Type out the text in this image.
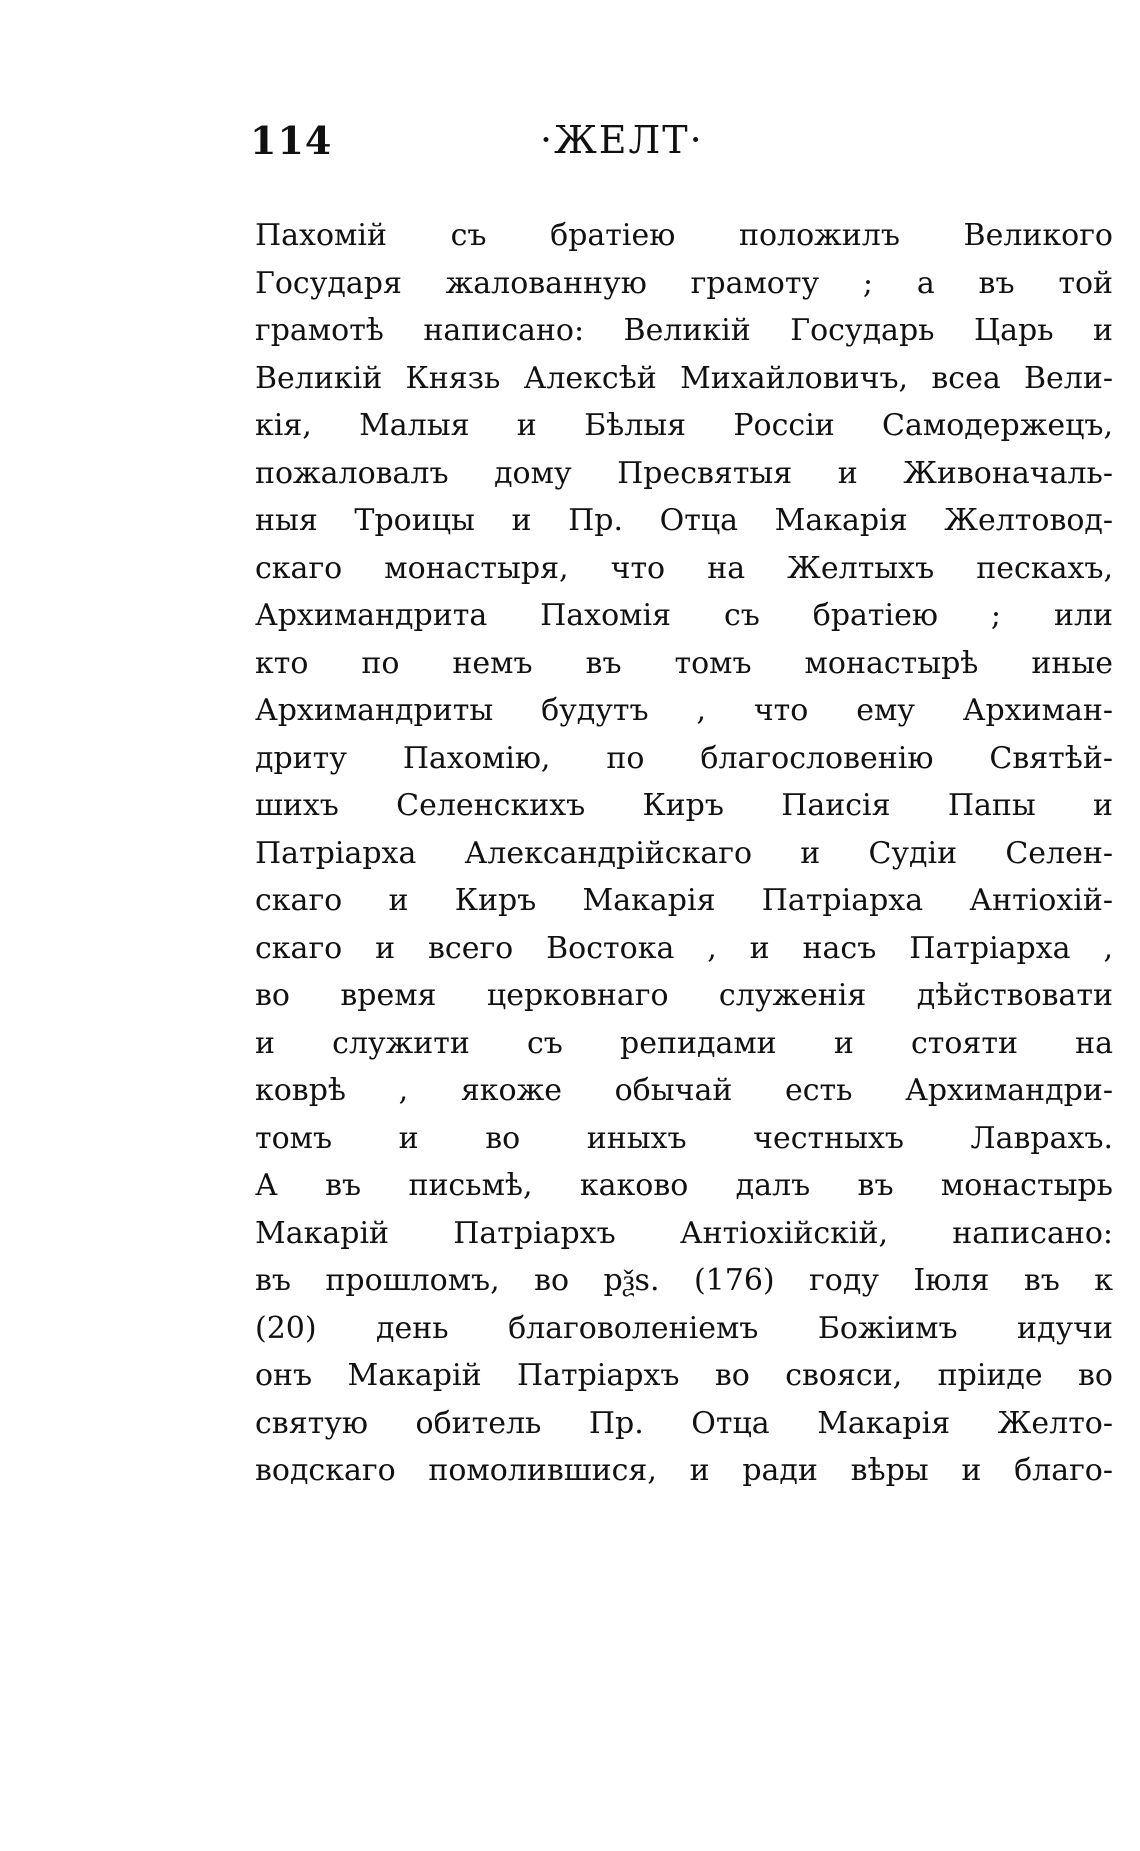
114	·ЖЕЛТ·
Пахомій съ братіею положилъ Великого
Государя жалованную грамоту ; а въ той
грамотѣ написано: Великій Государь Царь и
Великій Князь Алексѣй Михайловичъ, всеа Вели-
кія, Малыя и Бѣлыя Россіи Самодержецъ,
пожаловалъ дому Пресвятыя и Живоначаль-
ныя Троицы и Пр. Отца Макарія Желтовод-
скаго монастыря, что на Желтыхъ пескахъ,
Архимандрита Пахомія съ братіею ; или
кто по немъ въ томъ монастырѣ иные
Архимандриты будутъ , что ему Архиман-
дриту Пахомію, по благословенію Святѣй-
шихъ Селенскихъ Киръ Паисія Папы и
Патріарха Александрійскаго и Судіи Селен-
скаго и Киръ Макарія Патріарха Антіохій-
скаго и всего Востока , и насъ Патріарха ,
во время церковнаго служенія дѣйствовати
и служити съ репидами и стояти на
коврѣ , якоже обычай есть Архимандри-
томъ и во иныхъ честныхъ Лаврахъ.
А въ письмѣ, каково далъ въ монастырь
Макарій Патріархъ Антіохійскій, написано:
въ прошломъ, во рѯѕ. (176) году Іюля въ к
(20) день благоволеніемъ Божіимъ идучи
онъ Макарій Патріархъ во свояси, пріиде во
святую обитель Пр. Отца Макарія Желто-
водскаго помолившися, и ради вѣры и благо-
